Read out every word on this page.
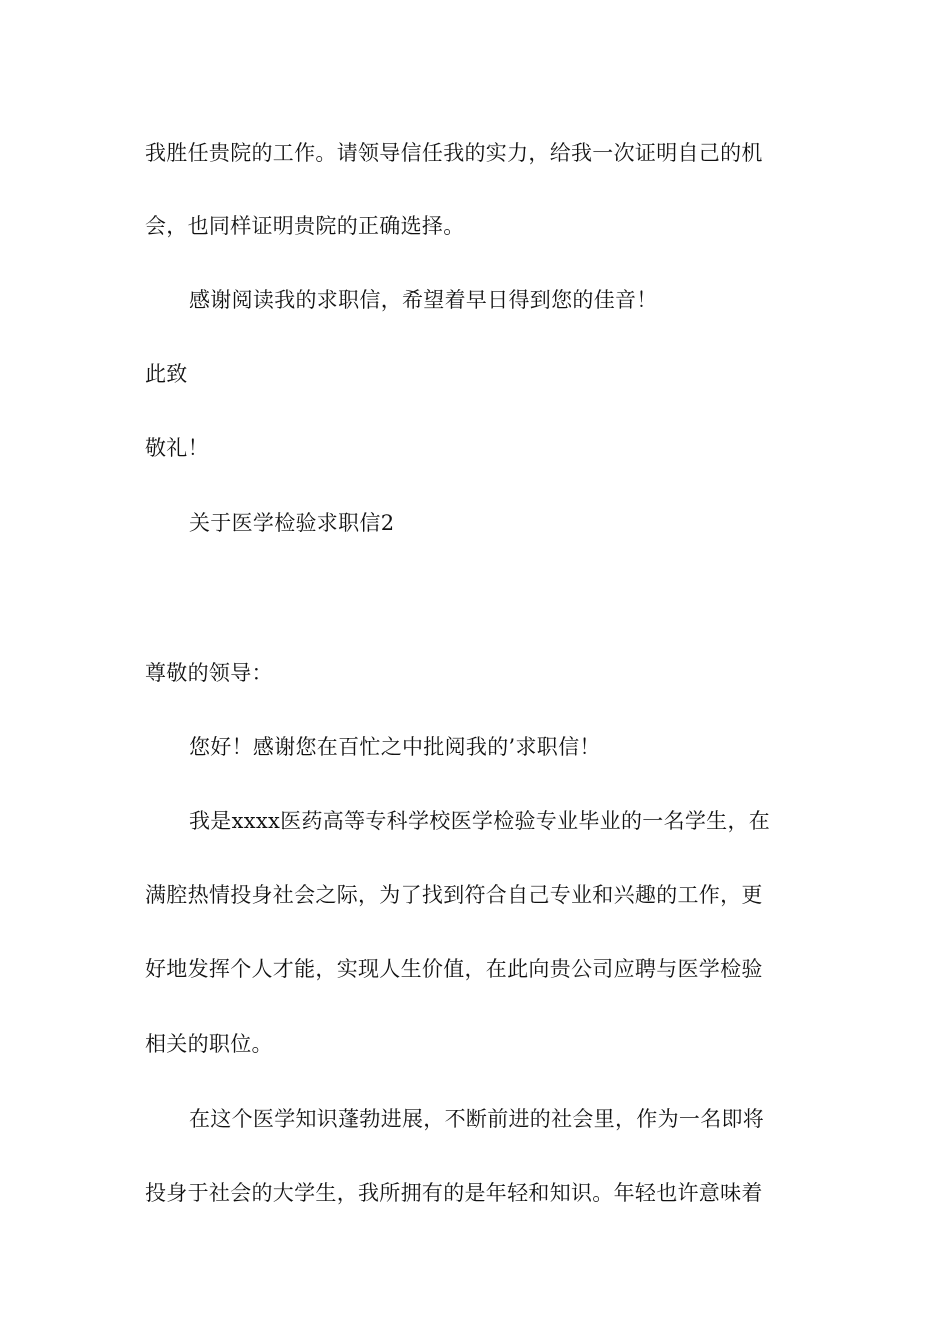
我胜任贵院的工作。请领导信任我的实力，给我一次证明自己的机
会，也同样证明贵院的正确选择。
感谢阅读我的求职信，希望着早日得到您的佳音！
此致
敬礼！
关于医学检验求职信2
尊敬的领导：
您好！感谢您在百忙之中批阅我的’求职信！
我是xxxx医药高等专科学校医学检验专业毕业的一名学生，在
满腔热情投身社会之际，为了找到符合自己专业和兴趣的工作，更
好地发挥个人才能，实现人生价值，在此向贵公司应聘与医学检验
相关的职位。
在这个医学知识蓬勃进展，不断前进的社会里，作为一名即将
投身于社会的大学生，我所拥有的是年轻和知识。年轻也许意味着
